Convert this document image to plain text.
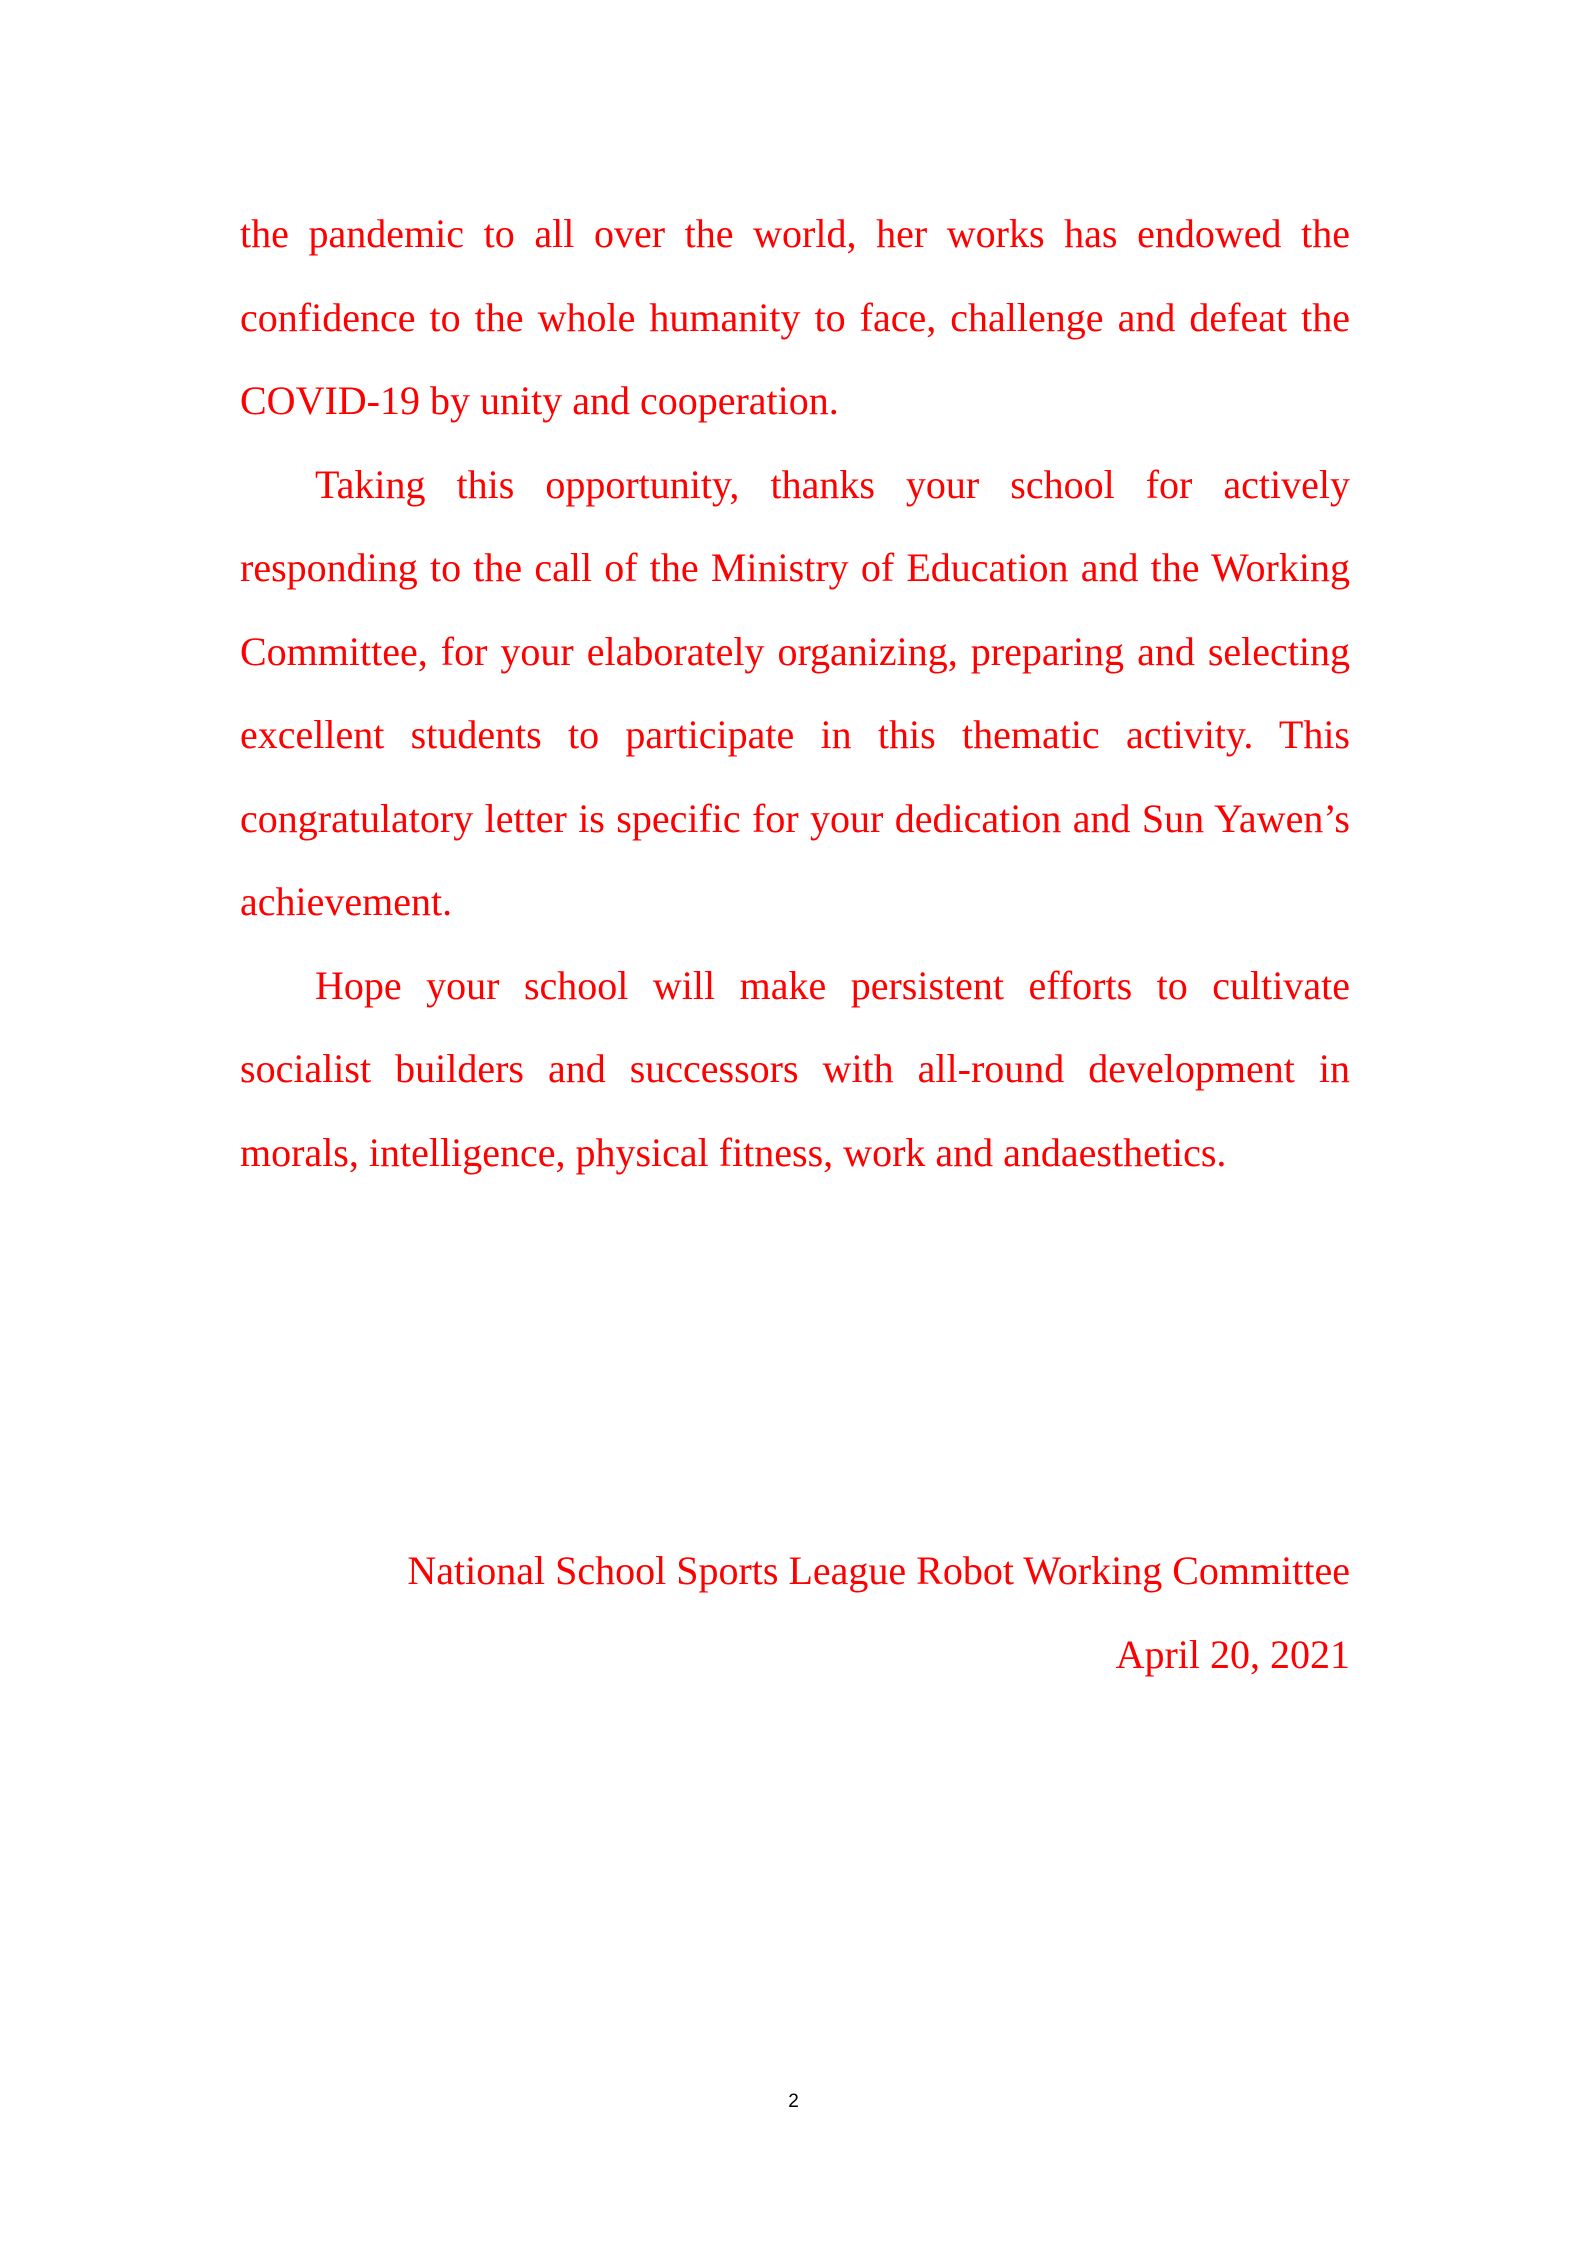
the pandemic to all over the world, her works has endowed the confidence to the whole humanity to face, challenge and defeat the COVID-19 by unity and cooperation.

Taking this opportunity, thanks your school for actively responding to the call of the Ministry of Education and the Working Committee, for your elaborately organizing, preparing and selecting excellent students to participate in this thematic activity. This congratulatory letter is specific for your dedication and Sun Yawen’s achievement.

Hope your school will make persistent efforts to cultivate socialist builders and successors with all-round development in morals, intelligence, physical fitness, work and andaesthetics.

National School Sports League Robot Working Committee
April 20, 2021
2
